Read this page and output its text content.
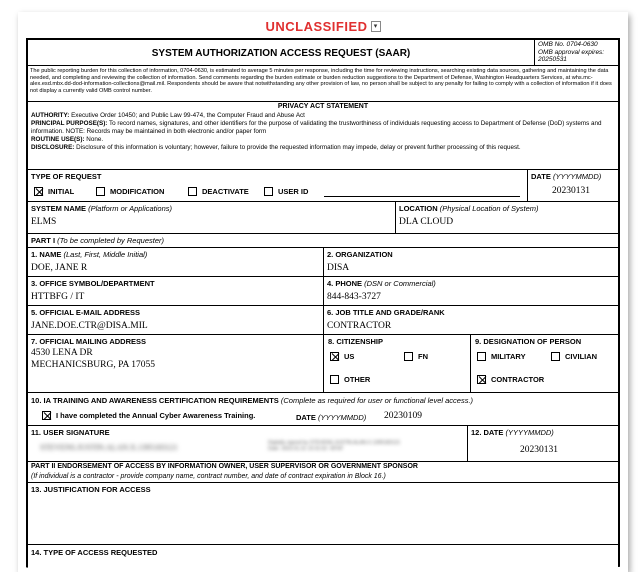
UNCLASSIFIED ▾
SYSTEM AUTHORIZATION ACCESS REQUEST (SAAR)
OMB No. 0704-0630
OMB approval expires:
20250531
The public reporting burden for this collection of information, 0704-0630, is estimated to average 5 minutes per response, including the time for reviewing instructions, searching existing data sources, gathering and maintaining the data needed, and completing and reviewing the collection of information. Send comments regarding the burden estimate or burden reduction suggestions to the Department of Defense, Washington Headquarters Services, at whs.mc-alex.esd.mbx.dd-dod-information-collections@mail.mil. Respondents should be aware that notwithstanding any other provision of law, no person shall be subject to any penalty for failing to comply with a collection of information if it does not display a currently valid OMB control number.
PRIVACY ACT STATEMENT
AUTHORITY: Executive Order 10450; and Public Law 99-474, the Computer Fraud and Abuse Act
PRINCIPAL PURPOSE(S): To record names, signatures, and other identifiers for the purpose of validating the trustworthiness of individuals requesting access to Department of Defense (DoD) systems and information. NOTE: Records may be maintained in both electronic and/or paper form
ROUTINE USE(S): None.
DISCLOSURE: Disclosure of this information is voluntary; however, failure to provide the requested information may impede, delay or prevent further processing of this request.
TYPE OF REQUEST
INITIAL	MODIFICATION	DEACTIVATE	USER ID
DATE (YYYYMMDD)
20230131
SYSTEM NAME (Platform or Applications)
ELMS
LOCATION (Physical Location of System)
DLA CLOUD
PART I (To be completed by Requester)
1. NAME (Last, First, Middle Initial)
DOE, JANE R
2. ORGANIZATION
DISA
3. OFFICE SYMBOL/DEPARTMENT
HTTBFG / IT
4. PHONE (DSN or Commercial)
844-843-3727
5. OFFICIAL E-MAIL ADDRESS
JANE.DOE.CTR@DISA.MIL
6. JOB TITLE AND GRADE/RANK
CONTRACTOR
7. OFFICIAL MAILING ADDRESS
4530 LENA DR
MECHANICSBURG, PA 17055
8. CITIZENSHIP
US	FN
OTHER
9. DESIGNATION OF PERSON
MILITARY	CIVILIAN
CONTRACTOR
10. IA TRAINING AND AWARENESS CERTIFICATION REQUIREMENTS (Complete as required for user or functional level access.)
I have completed the Annual Cyber Awareness Training.	DATE (YYYYMMDD) 20230109
11. USER SIGNATURE
STEVENS.JUSTIN.ALAN.X.1395183121	Digitally signed by STEVENS.JUSTIN.ALAN.X.1395183121
Date: 2023.01.31 10:31:52 -05'00'
12. DATE (YYYYMMDD)
20230131
PART II ENDORSEMENT OF ACCESS BY INFORMATION OWNER, USER SUPERVISOR OR GOVERNMENT SPONSOR
(If individual is a contractor - provide company name, contract number, and date of contract expiration in Block 16.)
13. JUSTIFICATION FOR ACCESS
14. TYPE OF ACCESS REQUESTED
